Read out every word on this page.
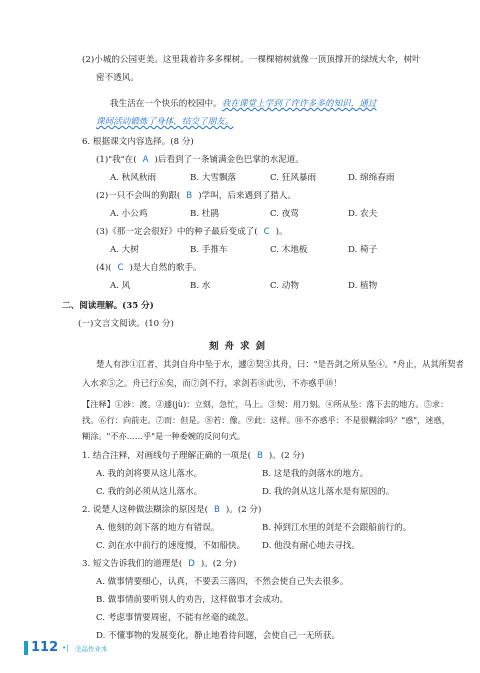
(2)小城的公园更美。这里栽着许多多棵树。一棵棵榕树就像一顶顶撑开的绿绒大伞，树叶
密不透风。
我生活在一个快乐的校园中。我在课堂上学到了许许多多的知识，通过
课间活动锻炼了身体，结交了朋友。
6. 根据课文内容选择。(8 分)
(1)"我"在( A )后看到了一条铺满金色巴掌的水泥道。
A. 秋风秋雨	B. 大雪飘落	C. 狂风暴雨	D. 绵绵春雨
(2)一只不会叫的狗跟( B )学叫，后来遇到了猎人。
A. 小公鸡	B. 杜鹃	C. 夜莺	D. 农夫
(3)《那一定会很好》中的种子最后变成了( C )。
A. 大树	B. 手推车	C. 木地板	D. 椅子
(4)( C )是大自然的歌手。
A. 风	B. 水	C. 动物	D. 植物
二、阅读理解。(35 分)
(一)文言文阅读。(10 分)
刻舟求剑
楚人有涉①江者，其剑自舟中坠于水，遽②契③其舟，曰："是吾剑之所从坠④。"舟止，从其所契者
入水求⑤之。舟已行⑥矣，而⑦剑不行，求剑若⑧此⑨，不亦惑乎⑩！
【注释】①涉：渡。②遽(jù)：立刻，急忙，马上。③契：用刀刻。④所从坠：落下去的地方。⑤求：
找。⑥行：向前走。⑦而：但是。⑧若：像。⑨此：这样。⑩不亦惑乎：不是很糊涂吗？"惑"，迷惑，
糊涂。"不亦……乎"是一种委婉的反问句式。
1. 结合注释，对画线句子理解正确的一项是( B )。(2 分)
A. 我的剑将要从这儿落水。	B. 这是我的剑落水的地方。
C. 我的剑必须从这儿落水。	D. 我的剑从这儿落水是有原因的。
2. 说楚人这种做法糊涂的原因是( B )。(2 分)
A. 他刻的剑下落的地方有错误。	B. 掉到江水里的剑是不会跟船前行的。
C. 剑在水中前行的速度慢，不如船快。 D. 他没有耐心地去寻找。
3. 短文告诉我们的道理是( D )。(2 分)
A. 做事情要细心，认真，不要丢三落四，不然会使自己失去很多。
B. 做事情前要听别人的劝告，这样做事才会成功。
C. 考虑事情要周密，不能有丝毫的疏忽。
D. 不懂事物的发展变化，静止地看待问题，会使自己一无所获。
112 •| 全品作业本
